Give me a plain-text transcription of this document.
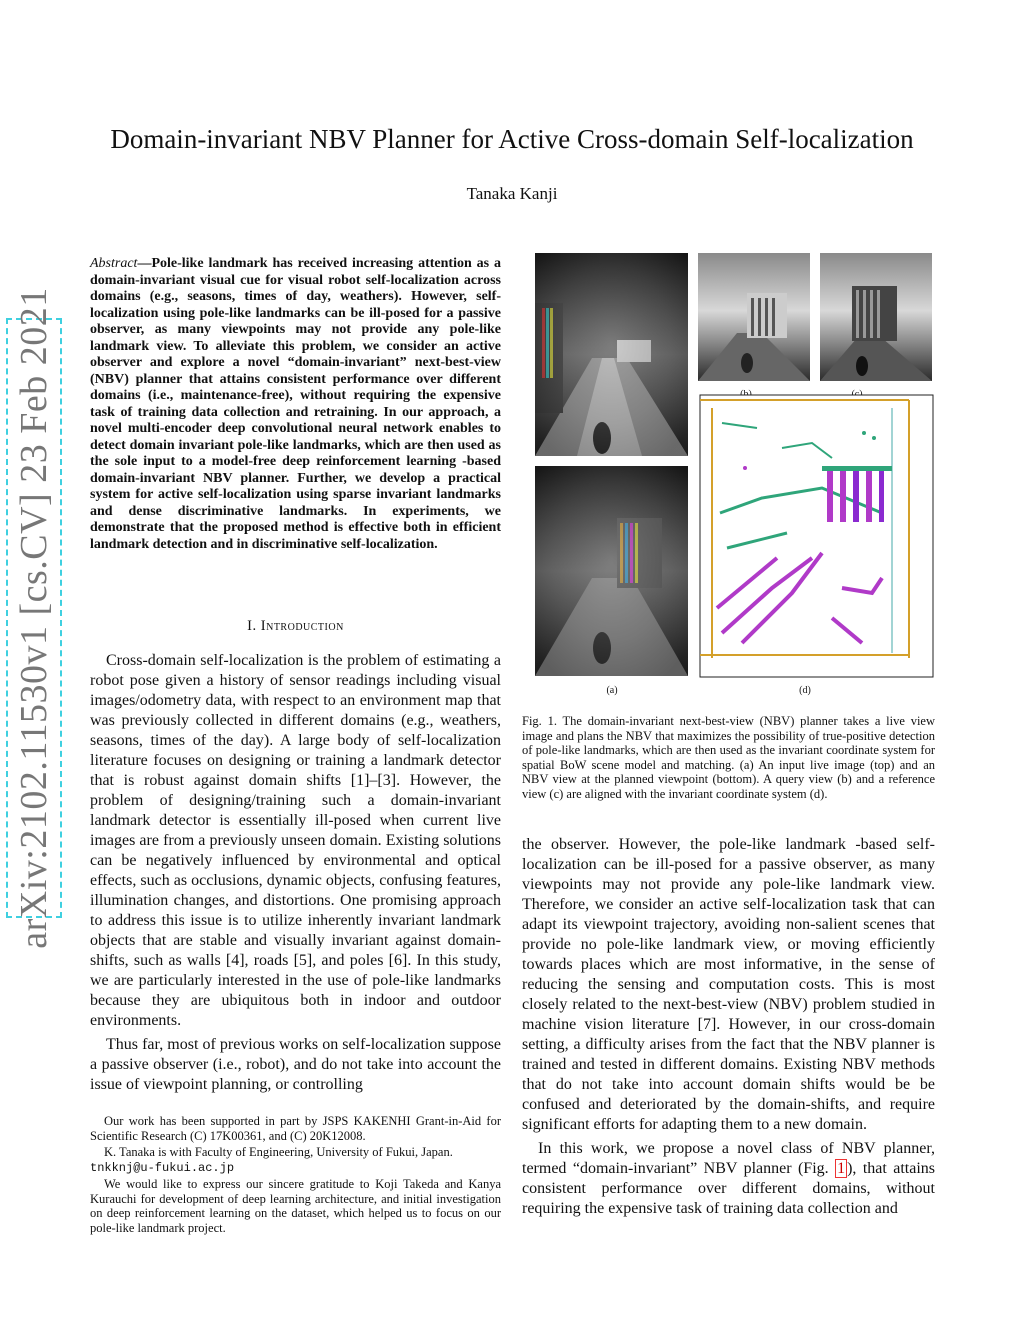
arXiv:2102.11530v1 [cs.CV] 23 Feb 2021
Domain-invariant NBV Planner for Active Cross-domain Self-localization
Tanaka Kanji
Abstract—Pole-like landmark has received increasing attention as a domain-invariant visual cue for visual robot self-localization across domains (e.g., seasons, times of day, weathers). However, self-localization using pole-like landmarks can be ill-posed for a passive observer, as many viewpoints may not provide any pole-like landmark view. To alleviate this problem, we consider an active observer and explore a novel “domain-invariant” next-best-view (NBV) planner that attains consistent performance over different domains (i.e., maintenance-free), without requiring the expensive task of training data collection and retraining. In our approach, a novel multi-encoder deep convolutional neural network enables to detect domain invariant pole-like landmarks, which are then used as the sole input to a model-free deep reinforcement learning -based domain-invariant NBV planner. Further, we develop a practical system for active self-localization using sparse invariant landmarks and dense discriminative landmarks. In experiments, we demonstrate that the proposed method is effective both in efficient landmark detection and in discriminative self-localization.
I. Introduction

Cross-domain self-localization is the problem of estimating a robot pose given a history of sensor readings including visual images/odometry data, with respect to an environment map that was previously collected in different domains (e.g., weathers, seasons, times of the day). A large body of self-localization literature focuses on designing or training a landmark detector that is robust against domain shifts [1]–[3]. However, the problem of designing/training such a domain-invariant landmark detector is essentially ill-posed when current live images are from a previously unseen domain. Existing solutions can be negatively influenced by environmental and optical effects, such as occlusions, dynamic objects, confusing features, illumination changes, and distortions. One promising approach to address this issue is to utilize inherently invariant landmark objects that are stable and visually invariant against domain-shifts, such as walls [4], roads [5], and poles [6]. In this study, we are particularly interested in the use of pole-like landmarks because they are ubiquitous both in indoor and outdoor environments.

Thus far, most of previous works on self-localization suppose a passive observer (i.e., robot), and do not take into account the issue of viewpoint planning, or controlling

Our work has been supported in part by JSPS KAKENHI Grant-in-Aid for Scientific Research (C) 17K00361, and (C) 20K12008.

K. Tanaka is with Faculty of Engineering, University of Fukui, Japan.
tnkknj@u-fukui.ac.jp

We would like to express our sincere gratitude to Koji Takeda and Kanya Kurauchi for development of deep learning architecture, and initial investigation on deep reinforcement learning on the dataset, which helped us to focus on our pole-like landmark project.

(a)	(d)
Fig. 1. The domain-invariant next-best-view (NBV) planner takes a live view image and plans the NBV that maximizes the possibility of true-positive detection of pole-like landmarks, which are then used as the invariant coordinate system for spatial BoW scene model and matching. (a) An input live image (top) and an NBV view at the planned viewpoint (bottom). A query view (b) and a reference view (c) are aligned with the invariant coordinate system (d).

the observer. However, the pole-like landmark -based self-localization can be ill-posed for a passive observer, as many viewpoints may not provide any pole-like landmark view. Therefore, we consider an active self-localization task that can adapt its viewpoint trajectory, avoiding non-salient scenes that provide no pole-like landmark view, or moving efficiently towards places which are most informative, in the sense of reducing the sensing and computation costs. This is most closely related to the next-best-view (NBV) problem studied in machine vision literature [7]. However, in our cross-domain setting, a difficulty arises from the fact that the NBV planner is trained and tested in different domains. Existing NBV methods that do not take into account domain shifts would be be confused and deteriorated by the domain-shifts, and require significant efforts for adapting them to a new domain.

In this work, we propose a novel class of NBV planner, termed “domain-invariant” NBV planner (Fig. 1 ), that attains consistent performance over different domains, without requiring the expensive task of training data collection and
